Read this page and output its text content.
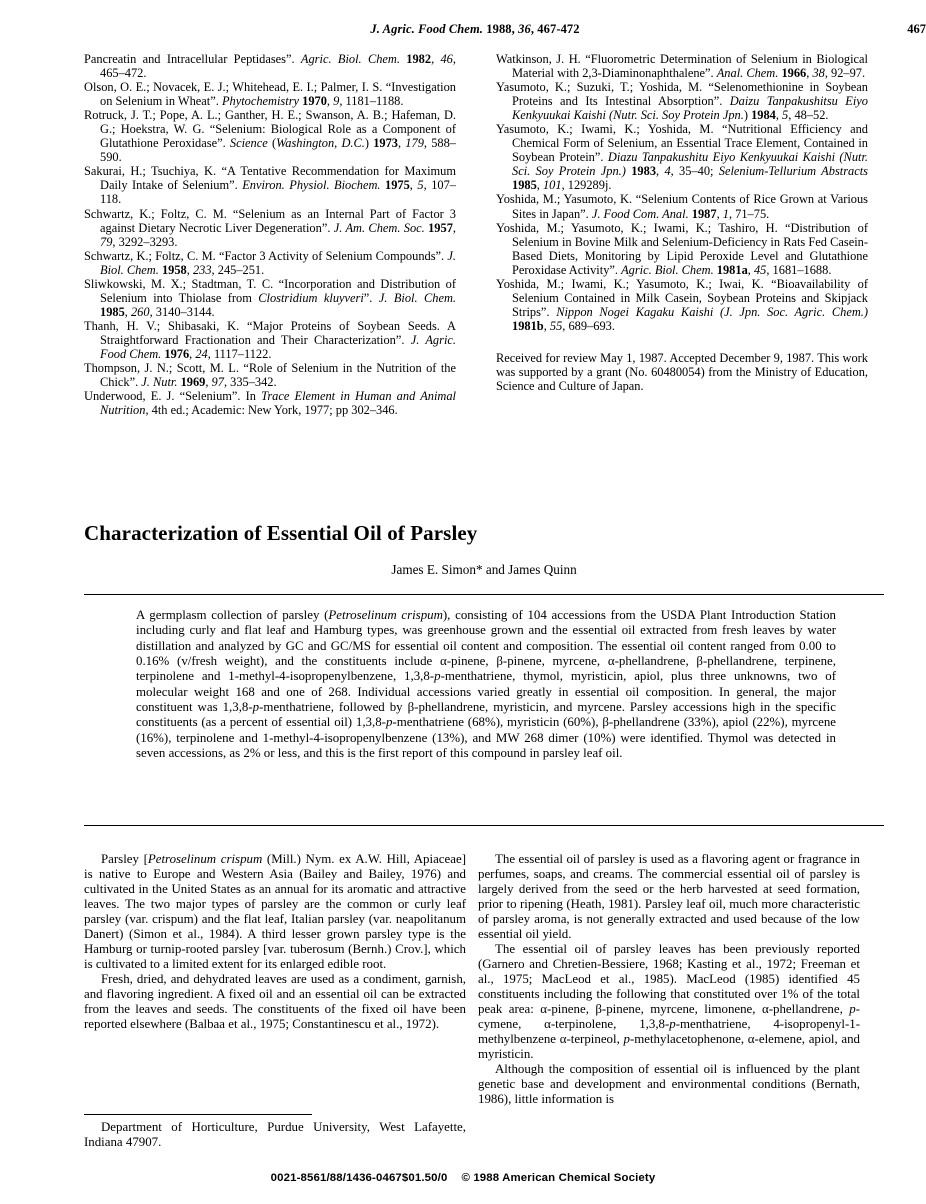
J. Agric. Food Chem. 1988, 36, 467-472	467

Pancreatin and Intracellular Peptidases”. Agric. Biol. Chem. 1982, 46, 465–472.

Olson, O. E.; Novacek, E. J.; Whitehead, E. I.; Palmer, I. S. “Investigation on Selenium in Wheat”. Phytochemistry 1970, 9, 1181–1188.

Rotruck, J. T.; Pope, A. L.; Ganther, H. E.; Swanson, A. B.; Hafeman, D. G.; Hoekstra, W. G. “Selenium: Biological Role as a Component of Glutathione Peroxidase”. Science (Washington, D.C.) 1973, 179, 588–590.

Sakurai, H.; Tsuchiya, K. “A Tentative Recommendation for Maximum Daily Intake of Selenium”. Environ. Physiol. Biochem. 1975, 5, 107–118.

Schwartz, K.; Foltz, C. M. “Selenium as an Internal Part of Factor 3 against Dietary Necrotic Liver Degeneration”. J. Am. Chem. Soc. 1957, 79, 3292–3293.

Schwartz, K.; Foltz, C. M. “Factor 3 Activity of Selenium Compounds”. J. Biol. Chem. 1958, 233, 245–251.

Sliwkowski, M. X.; Stadtman, T. C. “Incorporation and Distribution of Selenium into Thiolase from Clostridium kluyveri”. J. Biol. Chem. 1985, 260, 3140–3144.

Thanh, H. V.; Shibasaki, K. “Major Proteins of Soybean Seeds. A Straightforward Fractionation and Their Characterization”. J. Agric. Food Chem. 1976, 24, 1117–1122.

Thompson, J. N.; Scott, M. L. “Role of Selenium in the Nutrition of the Chick”. J. Nutr. 1969, 97, 335–342.

Underwood, E. J. “Selenium”. In Trace Element in Human and Animal Nutrition, 4th ed.; Academic: New York, 1977; pp 302–346.

Watkinson, J. H. “Fluorometric Determination of Selenium in Biological Material with 2,3-Diaminonaphthalene”. Anal. Chem. 1966, 38, 92–97.

Yasumoto, K.; Suzuki, T.; Yoshida, M. “Selenomethionine in Soybean Proteins and Its Intestinal Absorption”. Daizu Tanpakushitsu Eiyo Kenkyuukai Kaishi (Nutr. Sci. Soy Protein Jpn.) 1984, 5, 48–52.

Yasumoto, K.; Iwami, K.; Yoshida, M. “Nutritional Efficiency and Chemical Form of Selenium, an Essential Trace Element, Contained in Soybean Protein”. Diazu Tanpakushitu Eiyo Kenkyuukai Kaishi (Nutr. Sci. Soy Protein Jpn.) 1983, 4, 35–40; Selenium-Tellurium Abstracts 1985, 101, 129289j.

Yoshida, M.; Yasumoto, K. “Selenium Contents of Rice Grown at Various Sites in Japan”. J. Food Com. Anal. 1987, 1, 71–75.

Yoshida, M.; Yasumoto, K.; Iwami, K.; Tashiro, H. “Distribution of Selenium in Bovine Milk and Selenium-Deficiency in Rats Fed Casein-Based Diets, Monitoring by Lipid Peroxide Level and Glutathione Peroxidase Activity”. Agric. Biol. Chem. 1981a, 45, 1681–1688.

Yoshida, M.; Iwami, K.; Yasumoto, K.; Iwai, K. “Bioavailability of Selenium Contained in Milk Casein, Soybean Proteins and Skipjack Strips”. Nippon Nogei Kagaku Kaishi (J. Jpn. Soc. Agric. Chem.) 1981b, 55, 689–693.

Received for review May 1, 1987. Accepted December 9, 1987. This work was supported by a grant (No. 60480054) from the Ministry of Education, Science and Culture of Japan.
Characterization of Essential Oil of Parsley
James E. Simon* and James Quinn
A germplasm collection of parsley (Petroselinum crispum), consisting of 104 accessions from the USDA Plant Introduction Station including curly and flat leaf and Hamburg types, was greenhouse grown and the essential oil extracted from fresh leaves by water distillation and analyzed by GC and GC/MS for essential oil content and composition. The essential oil content ranged from 0.00 to 0.16% (v/fresh weight), and the constituents include α-pinene, β-pinene, myrcene, α-phellandrene, β-phellandrene, terpinene, terpinolene and 1-methyl-4-isopropenylbenzene, 1,3,8-p-menthatriene, thymol, myristicin, apiol, plus three unknowns, two of molecular weight 168 and one of 268. Individual accessions varied greatly in essential oil composition. In general, the major constituent was 1,3,8-p-menthatriene, followed by β-phellandrene, myristicin, and myrcene. Parsley accessions high in the specific constituents (as a percent of essential oil) 1,3,8-p-menthatriene (68%), myristicin (60%), β-phellandrene (33%), apiol (22%), myrcene (16%), terpinolene and 1-methyl-4-isopropenylbenzene (13%), and MW 268 dimer (10%) were identified. Thymol was detected in seven accessions, as 2% or less, and this is the first report of this compound in parsley leaf oil.

Parsley [Petroselinum crispum (Mill.) Nym. ex A.W. Hill, Apiaceae] is native to Europe and Western Asia (Bailey and Bailey, 1976) and cultivated in the United States as an annual for its aromatic and attractive leaves. The two major types of parsley are the common or curly leaf parsley (var. crispum) and the flat leaf, Italian parsley (var. neapolitanum Danert) (Simon et al., 1984). A third lesser grown parsley type is the Hamburg or turnip-rooted parsley [var. tuberosum (Bernh.) Crov.], which is cultivated to a limited extent for its enlarged edible root.

Fresh, dried, and dehydrated leaves are used as a condiment, garnish, and flavoring ingredient. A fixed oil and an essential oil can be extracted from the leaves and seeds. The constituents of the fixed oil have been reported elsewhere (Balbaa et al., 1975; Constantinescu et al., 1972).

The essential oil of parsley is used as a flavoring agent or fragrance in perfumes, soaps, and creams. The commercial essential oil of parsley is largely derived from the seed or the herb harvested at seed formation, prior to ripening (Heath, 1981). Parsley leaf oil, much more characteristic of parsley aroma, is not generally extracted and used because of the low essential oil yield.

The essential oil of parsley leaves has been previously reported (Garnero and Chretien-Bessiere, 1968; Kasting et al., 1972; Freeman et al., 1975; MacLeod et al., 1985). MacLeod (1985) identified 45 constituents including the following that constituted over 1% of the total peak area: α-pinene, β-pinene, myrcene, limonene, α-phellandrene, p-cymene, α-terpinolene, 1,3,8-p-menthatriene, 4-isopropenyl-1-methylbenzene α-terpineol, p-methylacetophenone, α-elemene, apiol, and myristicin.

Although the composition of essential oil is influenced by the plant genetic base and development and environmental conditions (Bernath, 1986), little information is

Department of Horticulture, Purdue University, West Lafayette, Indiana 47907.

0021-8561/88/1436-0467$01.50/0 © 1988 American Chemical Society
